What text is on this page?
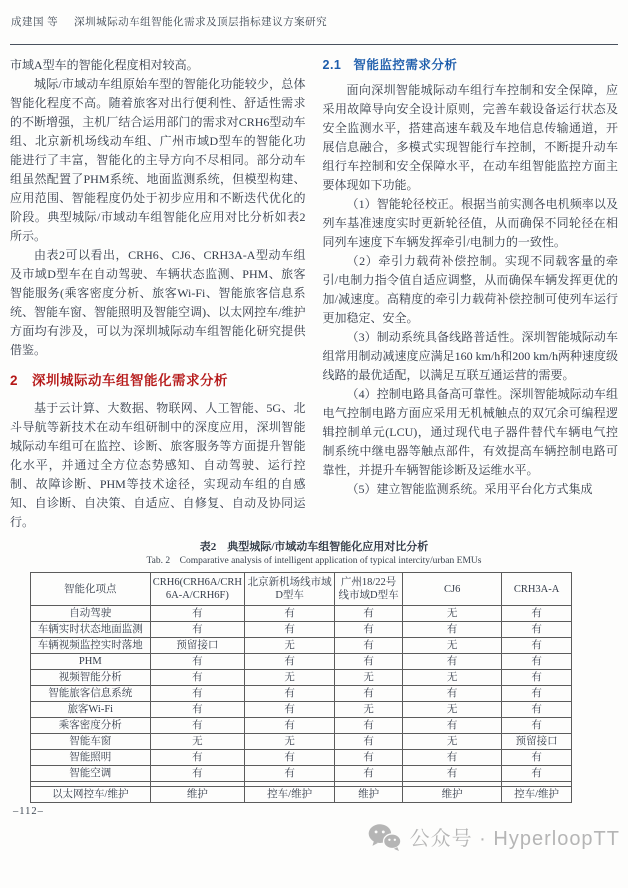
成建国 等 深圳城际动车组智能化需求及顶层指标建议方案研究

市域A型车的智能化程度相对较高。

城际/市域动车组原始车型的智能化功能较少，总体智能化程度不高。随着旅客对出行便利性、舒适性需求的不断增强，主机厂结合运用部门的需求对CRH6型动车组、北京新机场线动车组、广州市域D型车的智能化功能进行了丰富，智能化的主导方向不尽相同。部分动车组虽然配置了PHM系统、地面监测系统，但模型构建、应用范围、智能程度仍处于初步应用和不断迭代优化的阶段。典型城际/市域动车组智能化应用对比分析如表2所示。

由表2可以看出，CRH6、CJ6、CRH3A-A型动车组及市域D型车在自动驾驶、车辆状态监测、PHM、旅客智能服务(乘客密度分析、旅客Wi-Fi、智能旅客信息系统、智能车窗、智能照明及智能空调)、以太网控车/维护方面均有涉及，可以为深圳城际动车组智能化研究提供借鉴。

2 深圳城际动车组智能化需求分析

基于云计算、大数据、物联网、人工智能、5G、北斗导航等新技术在动车组研制中的深度应用，深圳智能城际动车组可在监控、诊断、旅客服务等方面提升智能化水平，并通过全方位态势感知、自动驾驶、运行控制、故障诊断、PHM等技术途径，实现动车组的自感知、自诊断、自决策、自适应、自修复、自动及协同运行。

2.1 智能监控需求分析

面向深圳智能城际动车组行车控制和安全保障，应采用故障导向安全设计原则，完善车载设备运行状态及安全监测水平，搭建高速车载及车地信息传输通道，开展信息融合，多模式实现智能行车控制，不断提升动车组行车控制和安全保障水平，在动车组智能监控方面主要体现如下功能。

（1）智能轮径校正。根据当前实测各电机频率以及列车基准速度实时更新轮径值，从而确保不同轮径在相同列车速度下车辆发挥牵引/电制力的一致性。

（2）牵引力载荷补偿控制。实现不同载客量的牵引/电制力指令值自适应调整，从而确保车辆发挥更优的加/减速度。高精度的牵引力载荷补偿控制可使列车运行更加稳定、安全。

（3）制动系统具备线路普适性。深圳智能城际动车组常用制动减速度应满足160 km/h和200 km/h两种速度级线路的最优适配，以满足互联互通运营的需要。

（4）控制电路具备高可靠性。深圳智能城际动车组电气控制电路方面应采用无机械触点的双冗余可编程逻辑控制单元(LCU)，通过现代电子器件替代车辆电气控制系统中继电器等触点部件，有效提高车辆控制电路可靠性，并提升车辆智能诊断及运维水平。

（5）建立智能监测系统。采用平台化方式集成

表2　典型城际/市域动车组智能化应用对比分析
Tab. 2　Comparative analysis of intelligent application of typical intercity/urban EMUs
智能化项点	CRH6(CRH6A/CRH6A-A/CRH6F)	北京新机场线市域D型车	广州18/22号线市域D型车	CJ6	CRH3A-A
自动驾驶	有	有	有	无	有
车辆实时状态地面监测	有	有	有	有	有
车辆视频监控实时落地	预留接口	无	有	无	有
PHM	有	有	有	有	有
视频智能分析	有	无	无	无	有
智能旅客信息系统	有	有	有	有	有
旅客Wi-Fi	有	有	无	无	有
乘客密度分析	有	有	有	有	有
智能车窗	无	无	有	无	预留接口
智能照明	有	有	有	有	有
智能空调	有	有	有	有	有

以太网控车/维护	维护	控车/维护	维护	维护	控车/维护
–112–
公众号 · HyperloopTT
